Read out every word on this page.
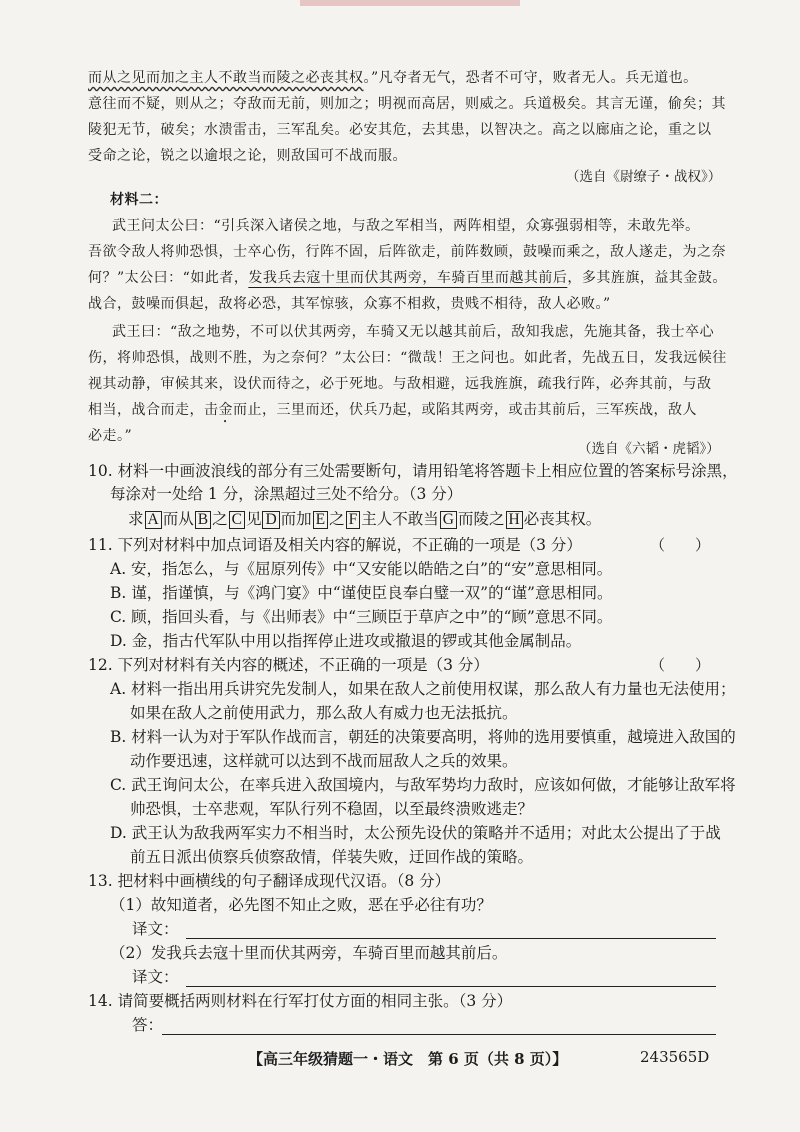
而从之见而加之主人不敢当而陵之必丧其权。”凡夺者无气，恐者不可守，败者无人。兵无道也。
意往而不疑，则从之；夺敌而无前，则加之；明视而高居，则威之。兵道极矣。其言无谨，偷矣；其
陵犯无节，破矣；水溃雷击，三军乱矣。必安其危，去其患，以智决之。高之以廊庙之论，重之以
受命之论，锐之以逾垠之论，则敌国可不战而服。
（选自《尉缭子・战权》）
材料二：
武王问太公曰：“引兵深入诸侯之地，与敌之军相当，两阵相望，众寡强弱相等，未敢先举。
吾欲令敌人将帅恐惧，士卒心伤，行阵不固，后阵欲走，前阵数顾，鼓噪而乘之，敌人遂走，为之奈
何？”太公曰：“如此者，发我兵去寇十里而伏其两旁，车骑百里而越其前后，多其旌旗，益其金鼓。
战合，鼓噪而俱起，敌将必恐，其军惊骇，众寡不相救，贵贱不相待，敌人必败。”
武王曰：“敌之地势，不可以伏其两旁，车骑又无以越其前后，敌知我虑，先施其备，我士卒心
伤，将帅恐惧，战则不胜，为之奈何？”太公曰：“微哉！王之问也。如此者，先战五日，发我远候往
视其动静，审候其来，设伏而待之，必于死地。与敌相避，远我旌旗，疏我行阵，必奔其前，与敌
相当，战合而走，击金而止，三里而还，伏兵乃起，或陷其两旁，或击其前后，三军疾战，敌人
必走。”
（选自《六韬・虎韬》）
10. 材料一中画波浪线的部分有三处需要断句，请用铅笔将答题卡上相应位置的答案标号涂黑，
每涂对一处给 1 分，涂黑超过三处不给分。（3 分）
求 A 而从 B 之 C 见 D 而加 E 之 F 主人不敢当 G 而陵之 H 必丧其权。
11. 下列对材料中加点词语及相关内容的解说，不正确的一项是（3 分）	（　　）
A. 安，指怎么，与《屈原列传》中“又安能以皓皓之白”的“安”意思相同。
B. 谨，指谨慎，与《鸿门宴》中“谨使臣良奉白璧一双”的“谨”意思相同。
C. 顾，指回头看，与《出师表》中“三顾臣于草庐之中”的“顾”意思不同。
D. 金，指古代军队中用以指挥停止进攻或撤退的锣或其他金属制品。
12. 下列对材料有关内容的概述，不正确的一项是（3 分）	（　　）
A. 材料一指出用兵讲究先发制人，如果在敌人之前使用权谋，那么敌人有力量也无法使用；
如果在敌人之前使用武力，那么敌人有威力也无法抵抗。
B. 材料一认为对于军队作战而言，朝廷的决策要高明，将帅的选用要慎重，越境进入敌国的
动作要迅速，这样就可以达到不战而屈敌人之兵的效果。
C. 武王询问太公，在率兵进入敌国境内，与敌军势均力敌时，应该如何做，才能够让敌军将
帅恐惧，士卒悲观，军队行列不稳固，以至最终溃败逃走？
D. 武王认为敌我两军实力不相当时，太公预先设伏的策略并不适用；对此太公提出了于战
前五日派出侦察兵侦察敌情，佯装失败，迂回作战的策略。
13. 把材料中画横线的句子翻译成现代汉语。（8 分）
（1）故知道者，必先图不知止之败，恶在乎必往有功？
译文：
（2）发我兵去寇十里而伏其两旁，车骑百里而越其前后。
译文：
14. 请简要概括两则材料在行军打仗方面的相同主张。（3 分）
答：
【高三年级猜题一・语文　第 6 页（共 8 页）】	243565D
